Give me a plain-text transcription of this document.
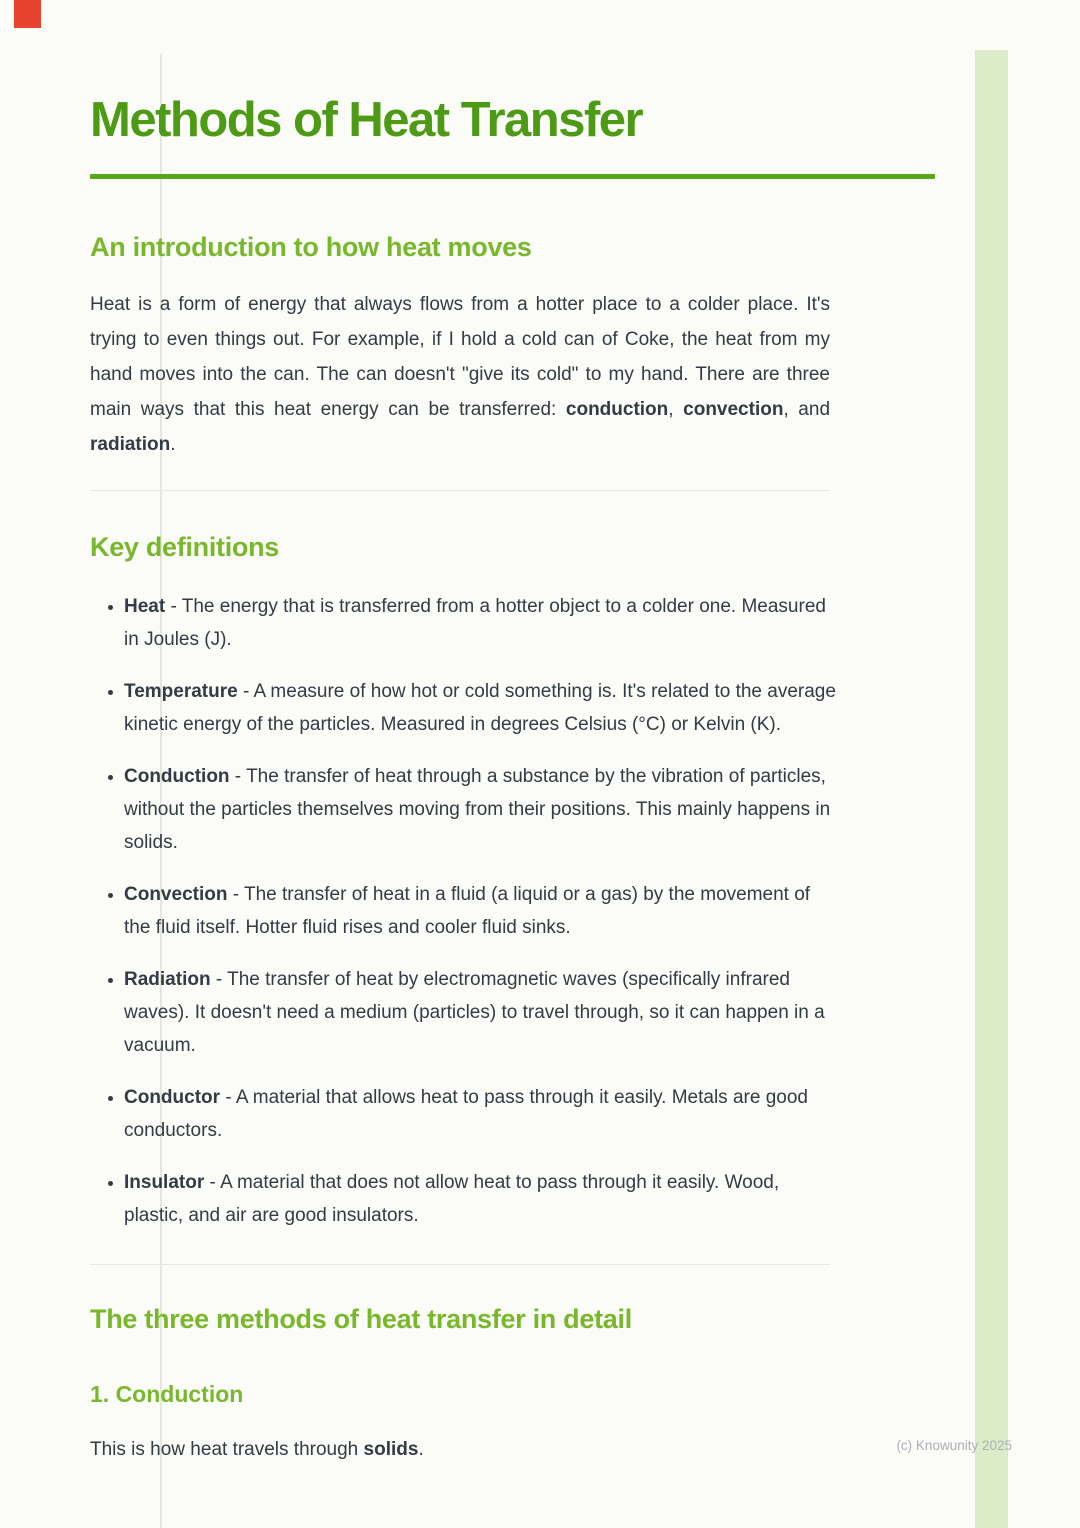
Methods of Heat Transfer
An introduction to how heat moves

Heat is a form of energy that always flows from a hotter place to a colder place. It's trying to even things out. For example, if I hold a cold can of Coke, the heat from my hand moves into the can. The can doesn't "give its cold" to my hand. There are three main ways that this heat energy can be transferred: conduction, convection, and radiation.

Key definitions
• Heat - The energy that is transferred from a hotter object to a colder one. Measured in Joules (J).
• Temperature - A measure of how hot or cold something is. It's related to the average kinetic energy of the particles. Measured in degrees Celsius (°C) or Kelvin (K).
• Conduction - The transfer of heat through a substance by the vibration of particles, without the particles themselves moving from their positions. This mainly happens in solids.
• Convection - The transfer of heat in a fluid (a liquid or a gas) by the movement of the fluid itself. Hotter fluid rises and cooler fluid sinks.
• Radiation - The transfer of heat by electromagnetic waves (specifically infrared waves). It doesn't need a medium (particles) to travel through, so it can happen in a vacuum.
• Conductor - A material that allows heat to pass through it easily. Metals are good conductors.
• Insulator - A material that does not allow heat to pass through it easily. Wood, plastic, and air are good insulators.
The three methods of heat transfer in detail
1. Conduction

This is how heat travels through solids.	(c) Knowunity 2025
